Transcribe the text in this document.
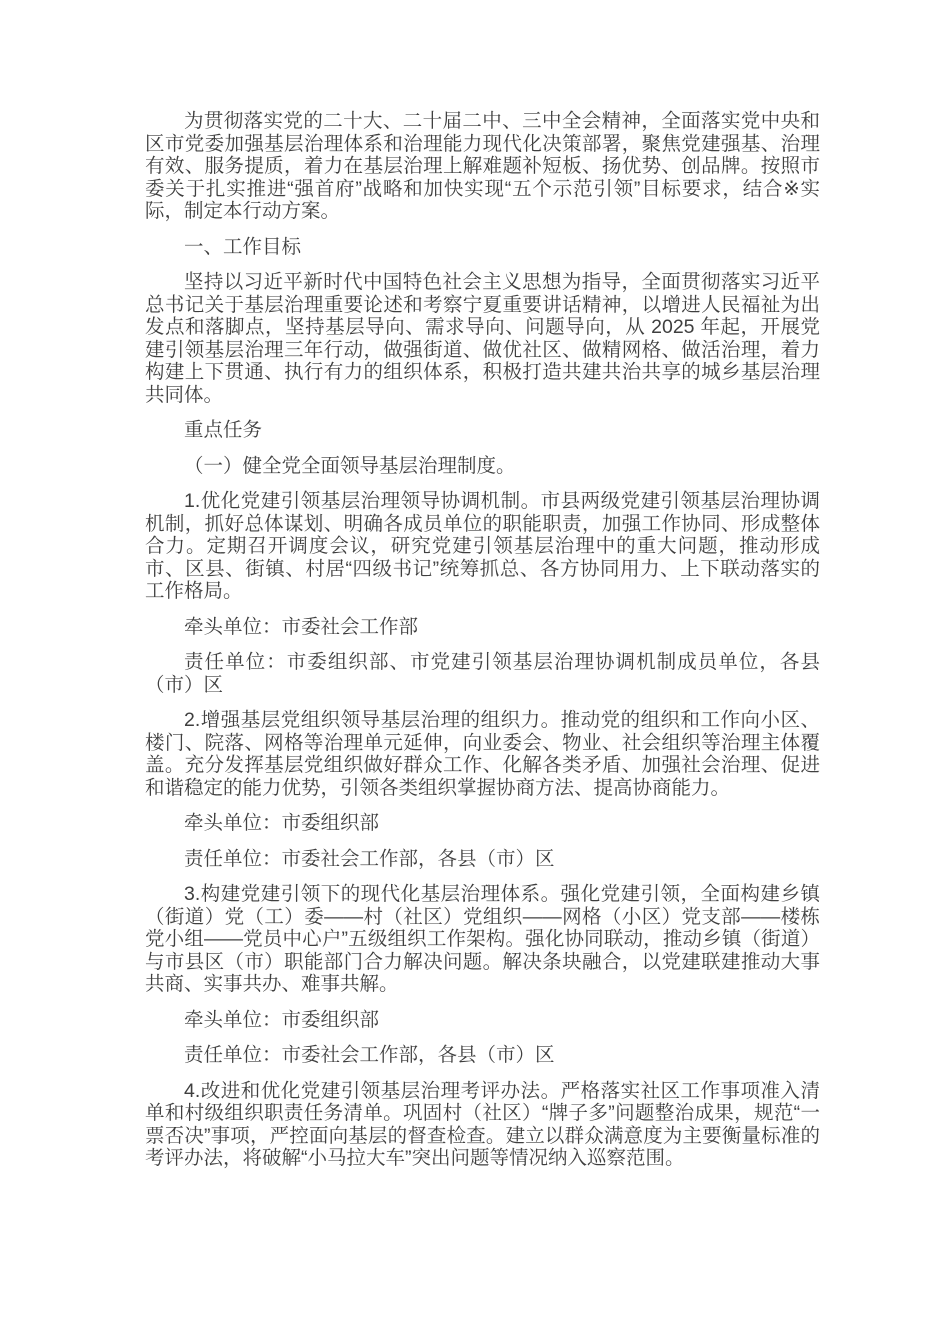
为贯彻落实党的二十大、二十届二中、三中全会精神，全面落实党中央和区市党委加强基层治理体系和治理能力现代化决策部署，聚焦党建强基、治理有效、服务提质，着力在基层治理上解难题补短板、扬优势、创品牌。按照市委关于扎实推进“强首府”战略和加快实现“五个示范引领”目标要求，结合※实际，制定本行动方案。

一、工作目标

坚持以习近平新时代中国特色社会主义思想为指导，全面贯彻落实习近平总书记关于基层治理重要论述和考察宁夏重要讲话精神，以增进人民福祉为出发点和落脚点，坚持基层导向、需求导向、问题导向，从 2025 年起，开展党建引领基层治理三年行动，做强街道、做优社区、做精网格、做活治理，着力构建上下贯通、执行有力的组织体系，积极打造共建共治共享的城乡基层治理共同体。

重点任务

（一）健全党全面领导基层治理制度。

1.优化党建引领基层治理领导协调机制。市县两级党建引领基层治理协调机制，抓好总体谋划、明确各成员单位的职能职责，加强工作协同、形成整体合力。定期召开调度会议，研究党建引领基层治理中的重大问题，推动形成市、区县、街镇、村居“四级书记”统筹抓总、各方协同用力、上下联动落实的工作格局。

牵头单位：市委社会工作部

责任单位：市委组织部、市党建引领基层治理协调机制成员单位，各县（市）区

2.增强基层党组织领导基层治理的组织力。推动党的组织和工作向小区、楼门、院落、网格等治理单元延伸，向业委会、物业、社会组织等治理主体覆盖。充分发挥基层党组织做好群众工作、化解各类矛盾、加强社会治理、促进和谐稳定的能力优势，引领各类组织掌握协商方法、提高协商能力。

牵头单位：市委组织部

责任单位：市委社会工作部，各县（市）区

3.构建党建引领下的现代化基层治理体系。强化党建引领，全面构建乡镇（街道）党（工）委——村（社区）党组织——网格（小区）党支部——楼栋党小组——党员中心户”五级组织工作架构。强化协同联动，推动乡镇（街道）与市县区（市）职能部门合力解决问题。解决条块融合，以党建联建推动大事共商、实事共办、难事共解。

牵头单位：市委组织部

责任单位：市委社会工作部，各县（市）区

4.改进和优化党建引领基层治理考评办法。严格落实社区工作事项准入清单和村级组织职责任务清单。巩固村（社区）“牌子多”问题整治成果，规范“一票否决”事项，严控面向基层的督查检查。建立以群众满意度为主要衡量标准的考评办法，将破解“小马拉大车”突出问题等情况纳入巡察范围。
